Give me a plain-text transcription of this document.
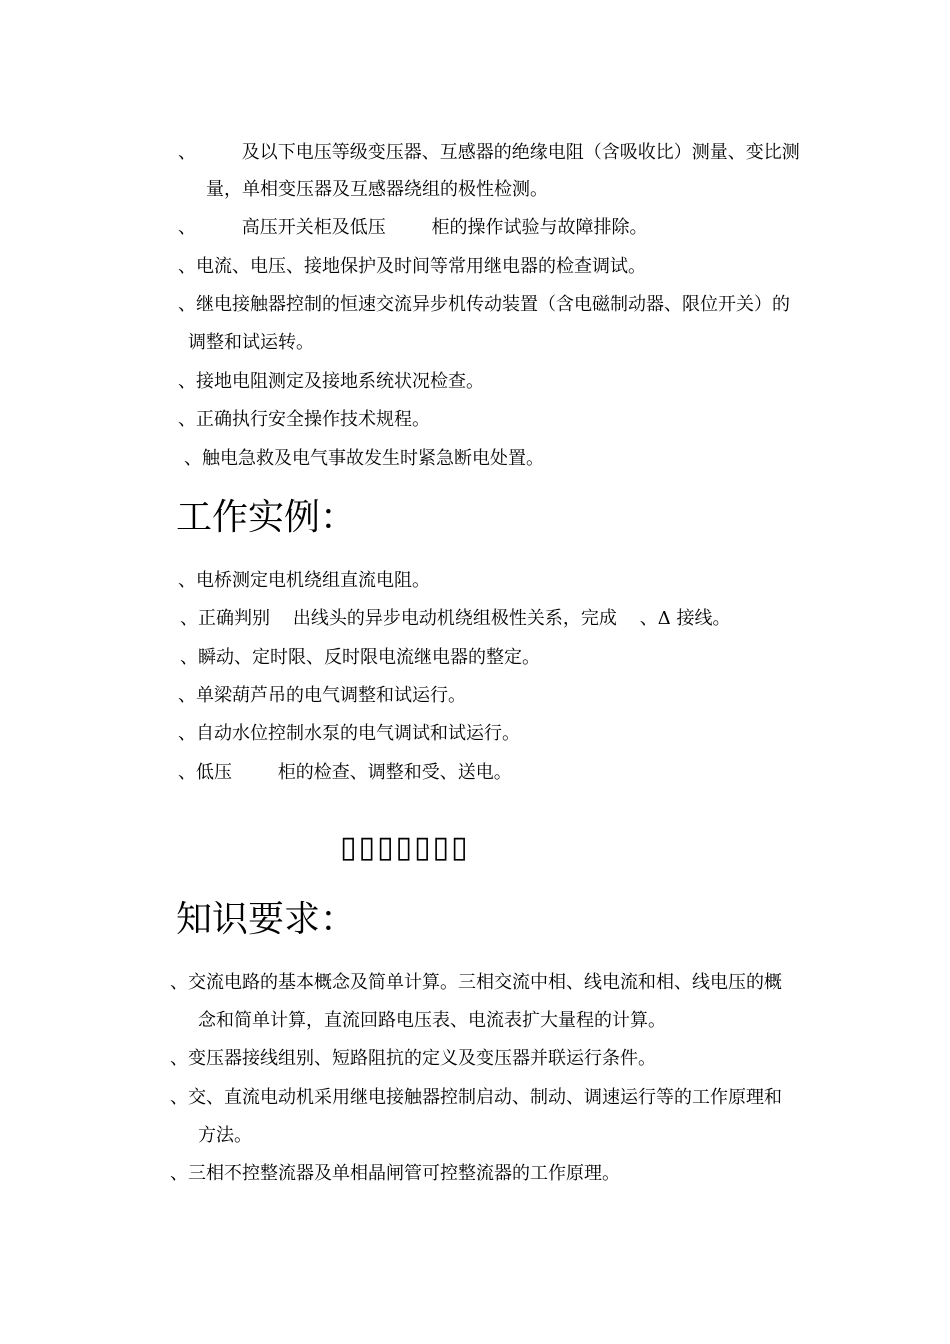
、        及以下电压等级变压器、互感器的绝缘电阻（含吸收比）测量、变比测
量，单相变压器及互感器绕组的极性检测。
、        高压开关柜及低压        柜的操作试验与故障排除。
、电流、电压、接地保护及时间等常用继电器的检查调试。
、继电接触器控制的恒速交流异步机传动装置（含电磁制动器、限位开关）的
调整和试运转。
、接地电阻测定及接地系统状况检查。
、正确执行安全操作技术规程。
、触电急救及电气事故发生时紧急断电处置。
工作实例：
、电桥测定电机绕组直流电阻。
、正确判别    出线头的异步电动机绕组极性关系，完成    、Δ 接线。
、瞬动、定时限、反时限电流继电器的整定。
、单梁葫芦吊的电气调整和试运行。
、自动水位控制水泵的电气调试和试运行。
、低压        柜的检查、调整和受、送电。
▯▯▯▯▯▯▯
知识要求：
、交流电路的基本概念及简单计算。三相交流中相、线电流和相、线电压的概
念和简单计算，直流回路电压表、电流表扩大量程的计算。
、变压器接线组别、短路阻抗的定义及变压器并联运行条件。
、交、直流电动机采用继电接触器控制启动、制动、调速运行等的工作原理和
方法。
、三相不控整流器及单相晶闸管可控整流器的工作原理。
